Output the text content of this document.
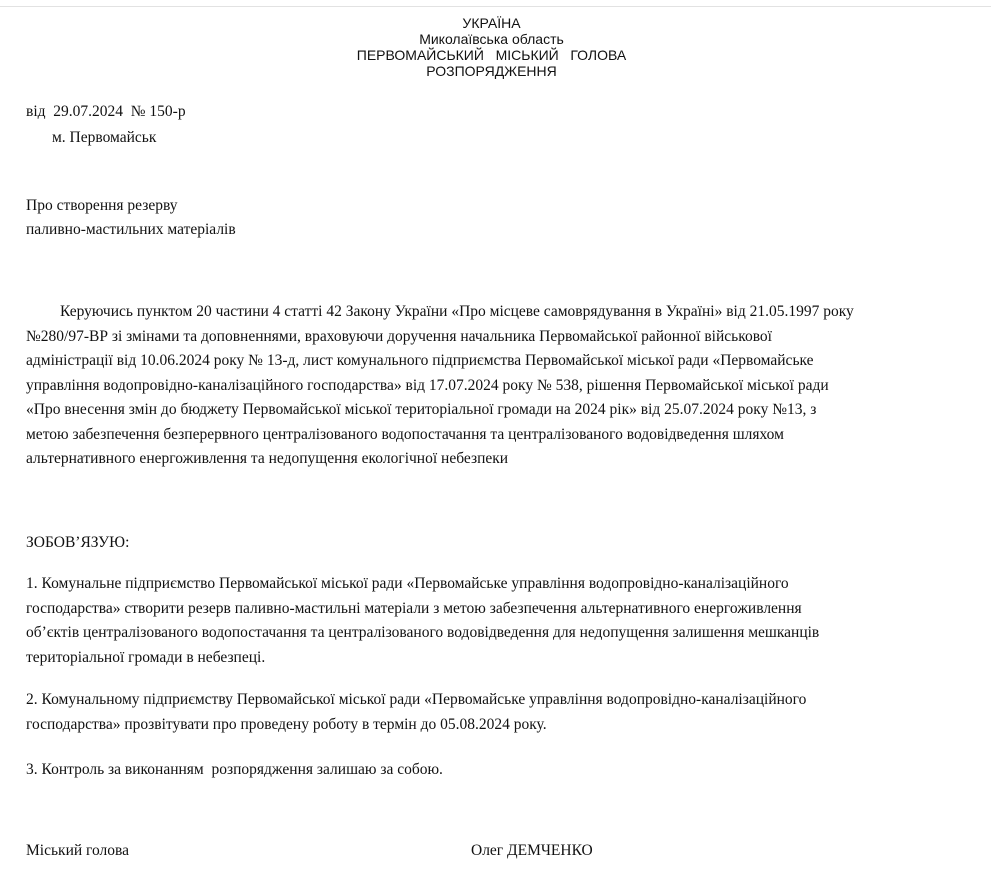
УКРАЇНА
Миколаївська область
ПЕРВОМАЙСЬКИЙ   МІСЬКИЙ   ГОЛОВА
РОЗПОРЯДЖЕННЯ
від  29.07.2024  № 150-р
м. Первомайськ
Про створення резерву
паливно-мастильних матеріалів
Керуючись пунктом 20 частини 4 статті 42 Закону України «Про місцеве самоврядування в Україні» від 21.05.1997 року
№280/97-ВР зі змінами та доповненнями, враховуючи доручення начальника Первомайської районної військової
адміністрації від 10.06.2024 року № 13-д, лист комунального підприємства Первомайської міської ради «Первомайське
управління водопровідно-каналізаційного господарства» від 17.07.2024 року № 538, рішення Первомайської міської ради
«Про внесення змін до бюджету Первомайської міської територіальної громади на 2024 рік» від 25.07.2024 року №13, з
метою забезпечення безперервного централізованого водопостачання та централізованого водовідведення шляхом
альтернативного енергоживлення та недопущення екологічної небезпеки
ЗОБОВ’ЯЗУЮ:
1. Комунальне підприємство Первомайської міської ради «Первомайське управління водопровідно-каналізаційного
господарства» створити резерв паливно-мастильні матеріали з метою забезпечення альтернативного енергоживлення
об’єктів централізованого водопостачання та централізованого водовідведення для недопущення залишення мешканців
територіальної громади в небезпеці.
2. Комунальному підприємству Первомайської міської ради «Первомайське управління водопровідно-каналізаційного
господарства» прозвітувати про проведену роботу в термін до 05.08.2024 року.
3. Контроль за виконанням  розпорядження залишаю за собою.
Міський голова	Олег ДЕМЧЕНКО
